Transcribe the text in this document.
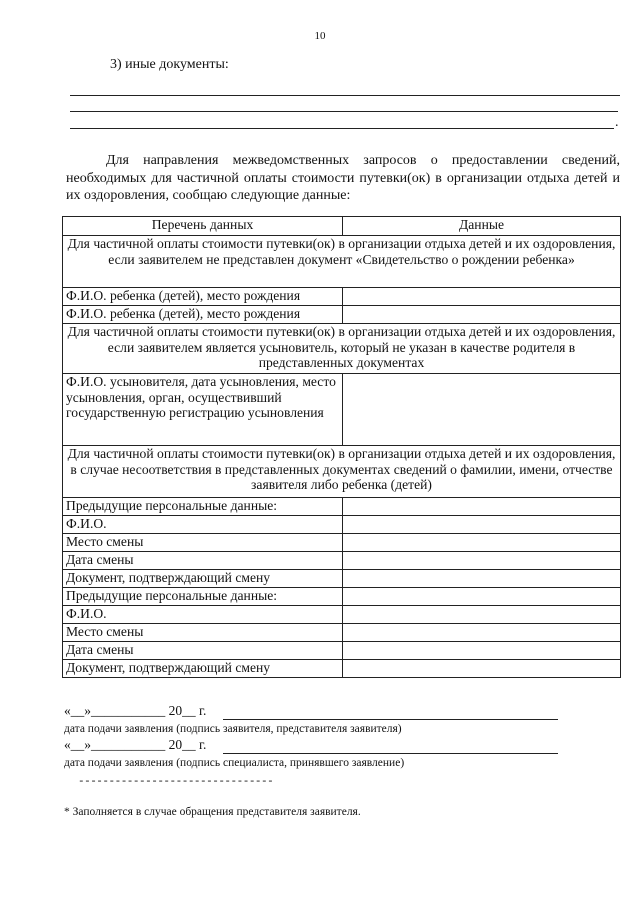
10
3) иные документы:
.
Для направления межведомственных запросов о предоставлении сведений, необходимых для частичной оплаты стоимости путевки(ок) в организации отдыха детей и их оздоровления, сообщаю следующие данные:
Перечень данных	Данные
Для частичной оплаты стоимости путевки(ок) в организации отдыха детей и их оздоровления, если заявителем не представлен документ «Свидетельство о рождении ребенка»	
Ф.И.О. ребенка (детей), место рождения	
Ф.И.О. ребенка (детей), место рождения	
Для частичной оплаты стоимости путевки(ок) в организации отдыха детей и их оздоровления, если заявителем является усыновитель, который не указан в качестве родителя в представленных документах	
Ф.И.О. усыновителя, дата усыновления, место усыновления, орган, осуществивший государственную регистрацию усыновления	
Для частичной оплаты стоимости путевки(ок) в организации отдыха детей и их оздоровления, в случае несоответствия в представленных документах сведений о фамилии, имени, отчестве заявителя либо ребенка (детей)	
Предыдущие персональные данные:	
Ф.И.О.	
Место смены	
Дата смены	
Документ, подтверждающий смену	
Предыдущие персональные данные:	
Ф.И.О.	
Место смены	
Дата смены	
Документ, подтверждающий смену	
«__»___________ 20__ г.
дата подачи заявления (подпись заявителя, представителя заявителя)
«__»___________ 20__ г.
дата подачи заявления (подпись специалиста, принявшего заявление)
--------------------------------
* Заполняется в случае обращения представителя заявителя.
